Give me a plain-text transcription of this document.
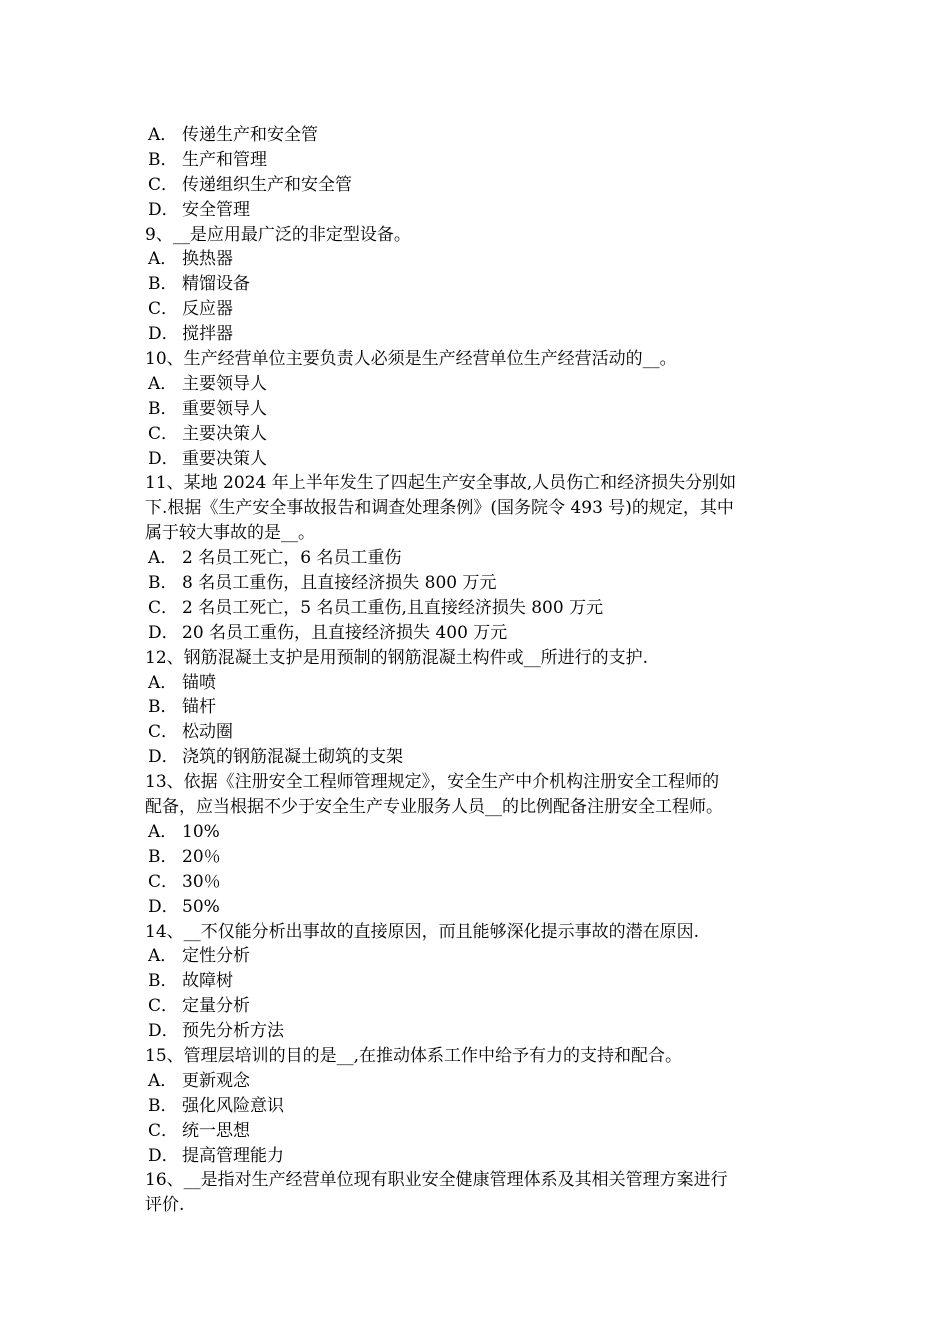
A． 传递生产和安全管
B． 生产和管理
C． 传递组织生产和安全管
D． 安全管理
9、__是应用最广泛的非定型设备。
A． 换热器
B． 精馏设备
C． 反应器
D． 搅拌器
10、生产经营单位主要负责人必须是生产经营单位生产经营活动的__。
A． 主要领导人
B． 重要领导人
C． 主要决策人
D． 重要决策人
11、某地 2024 年上半年发生了四起生产安全事故,人员伤亡和经济损失分别如
下.根据《生产安全事故报告和调查处理条例》(国务院令 493 号)的规定，其中
属于较大事故的是__。
A． 2 名员工死亡，6 名员工重伤
B． 8 名员工重伤，且直接经济损失 800 万元
C． 2 名员工死亡，5 名员工重伤,且直接经济损失 800 万元
D． 20 名员工重伤，且直接经济损失 400 万元
12、钢筋混凝土支护是用预制的钢筋混凝土构件或__所进行的支护.
A． 锚喷
B． 锚杆
C． 松动圈
D． 浇筑的钢筋混凝土砌筑的支架
13、依据《注册安全工程师管理规定》，安全生产中介机构注册安全工程师的
配备，应当根据不少于安全生产专业服务人员__的比例配备注册安全工程师。
A． 10%
B． 20％
C． 30％
D． 50%
14、__不仅能分析出事故的直接原因，而且能够深化提示事故的潜在原因.
A． 定性分析
B． 故障树
C． 定量分析
D． 预先分析方法
15、管理层培训的目的是__,在推动体系工作中给予有力的支持和配合。
A． 更新观念
B． 强化风险意识
C． 统一思想
D． 提高管理能力
16、__是指对生产经营单位现有职业安全健康管理体系及其相关管理方案进行
评价.
